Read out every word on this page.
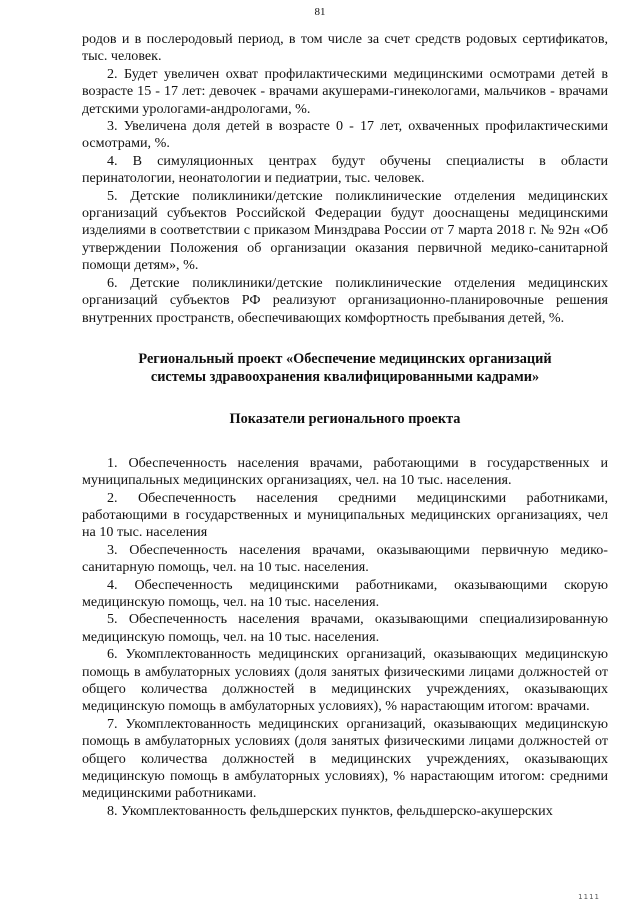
81

родов и в послеродовый период, в том числе за счет средств родовых сертификатов, тыс. человек.

2. Будет увеличен охват профилактическими медицинскими осмотрами детей в возрасте 15 - 17 лет: девочек - врачами акушерами-гинекологами, мальчиков - врачами детскими урологами-андрологами, %.

3. Увеличена доля детей в возрасте 0 - 17 лет, охваченных профилактическими осмотрами, %.

4. В симуляционных центрах будут обучены специалисты в области перинатологии, неонатологии и педиатрии, тыс. человек.

5. Детские поликлиники/детские поликлинические отделения медицинских организаций субъектов Российской Федерации будут дооснащены медицинскими изделиями в соответствии с приказом Минздрава России от 7 марта 2018 г. № 92н «Об утверждении Положения об организации оказания первичной медико-санитарной помощи детям», %.

6. Детские поликлиники/детские поликлинические отделения медицинских организаций субъектов РФ реализуют организационно-планировочные решения внутренних пространств, обеспечивающих комфортность пребывания детей, %.

Региональный проект «Обеспечение медицинских организаций
системы здравоохранения квалифицированными кадрами»
Показатели регионального проекта

1. Обеспеченность населения врачами, работающими в государственных и муниципальных медицинских организациях, чел. на 10 тыс. населения.

2. Обеспеченность населения средними медицинскими работниками, работающими в государственных и муниципальных медицинских организациях, чел на 10 тыс. населения

3. Обеспеченность населения врачами, оказывающими первичную медико-санитарную помощь, чел. на 10 тыс. населения.

4. Обеспеченность медицинскими работниками, оказывающими скорую медицинскую помощь, чел. на 10 тыс. населения.

5. Обеспеченность населения врачами, оказывающими специализированную медицинскую помощь, чел. на 10 тыс. населения.

6. Укомплектованность медицинских организаций, оказывающих медицинскую помощь в амбулаторных условиях (доля занятых физическими лицами должностей от общего количества должностей в медицинских учреждениях, оказывающих медицинскую помощь в амбулаторных условиях), % нарастающим итогом: врачами.

7. Укомплектованность медицинских организаций, оказывающих медицинскую помощь в амбулаторных условиях (доля занятых физическими лицами должностей от общего количества должностей в медицинских учреждениях, оказывающих медицинскую помощь в амбулаторных условиях), % нарастающим итогом: средними медицинскими работниками.

8. Укомплектованность фельдшерских пунктов, фельдшерско-акушерских

1111
